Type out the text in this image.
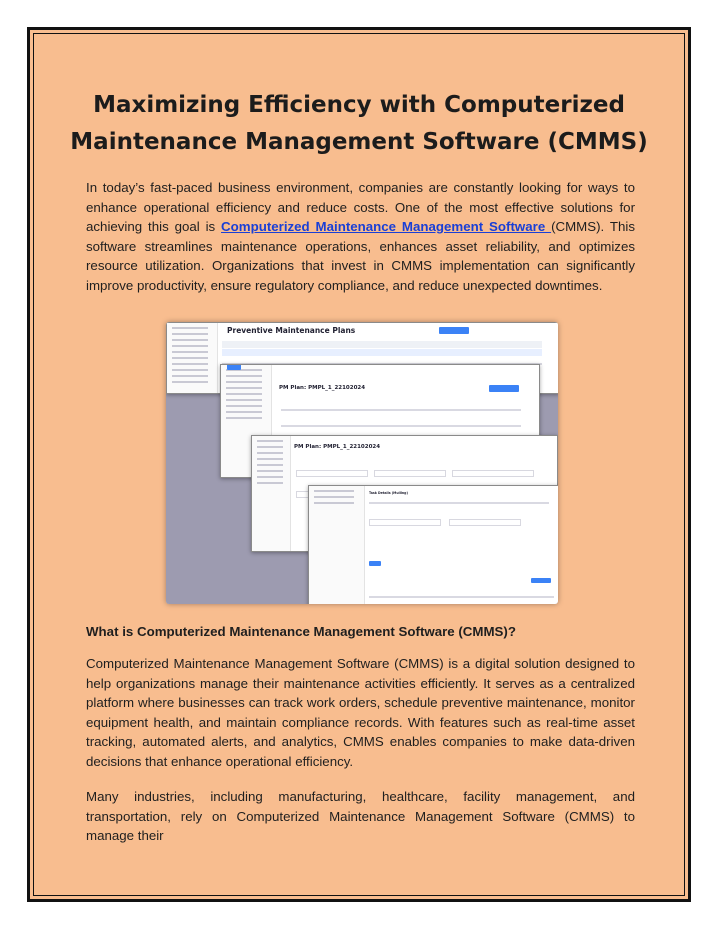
Maximizing Efficiency with Computerized Maintenance Management Software (CMMS)

In today’s fast-paced business environment, companies are constantly looking for ways to enhance operational efficiency and reduce costs. One of the most effective solutions for achieving this goal is Computerized Maintenance Management Software (CMMS). This software streamlines maintenance operations, enhances asset reliability, and optimizes resource utilization. Organizations that invest in CMMS implementation can significantly improve productivity, ensure regulatory compliance, and reduce unexpected downtimes.

Preventive Maintenance Plans
PM Plan: PMPL_1_22102024
PM Plan: PMPL_1_22102024
Task Details (Mulling)
What is Computerized Maintenance Management Software (CMMS)?

Computerized Maintenance Management Software (CMMS) is a digital solution designed to help organizations manage their maintenance activities efficiently. It serves as a centralized platform where businesses can track work orders, schedule preventive maintenance, monitor equipment health, and maintain compliance records. With features such as real-time asset tracking, automated alerts, and analytics, CMMS enables companies to make data-driven decisions that enhance operational efficiency.

Many industries, including manufacturing, healthcare, facility management, and transportation, rely on Computerized Maintenance Management Software (CMMS) to manage their
